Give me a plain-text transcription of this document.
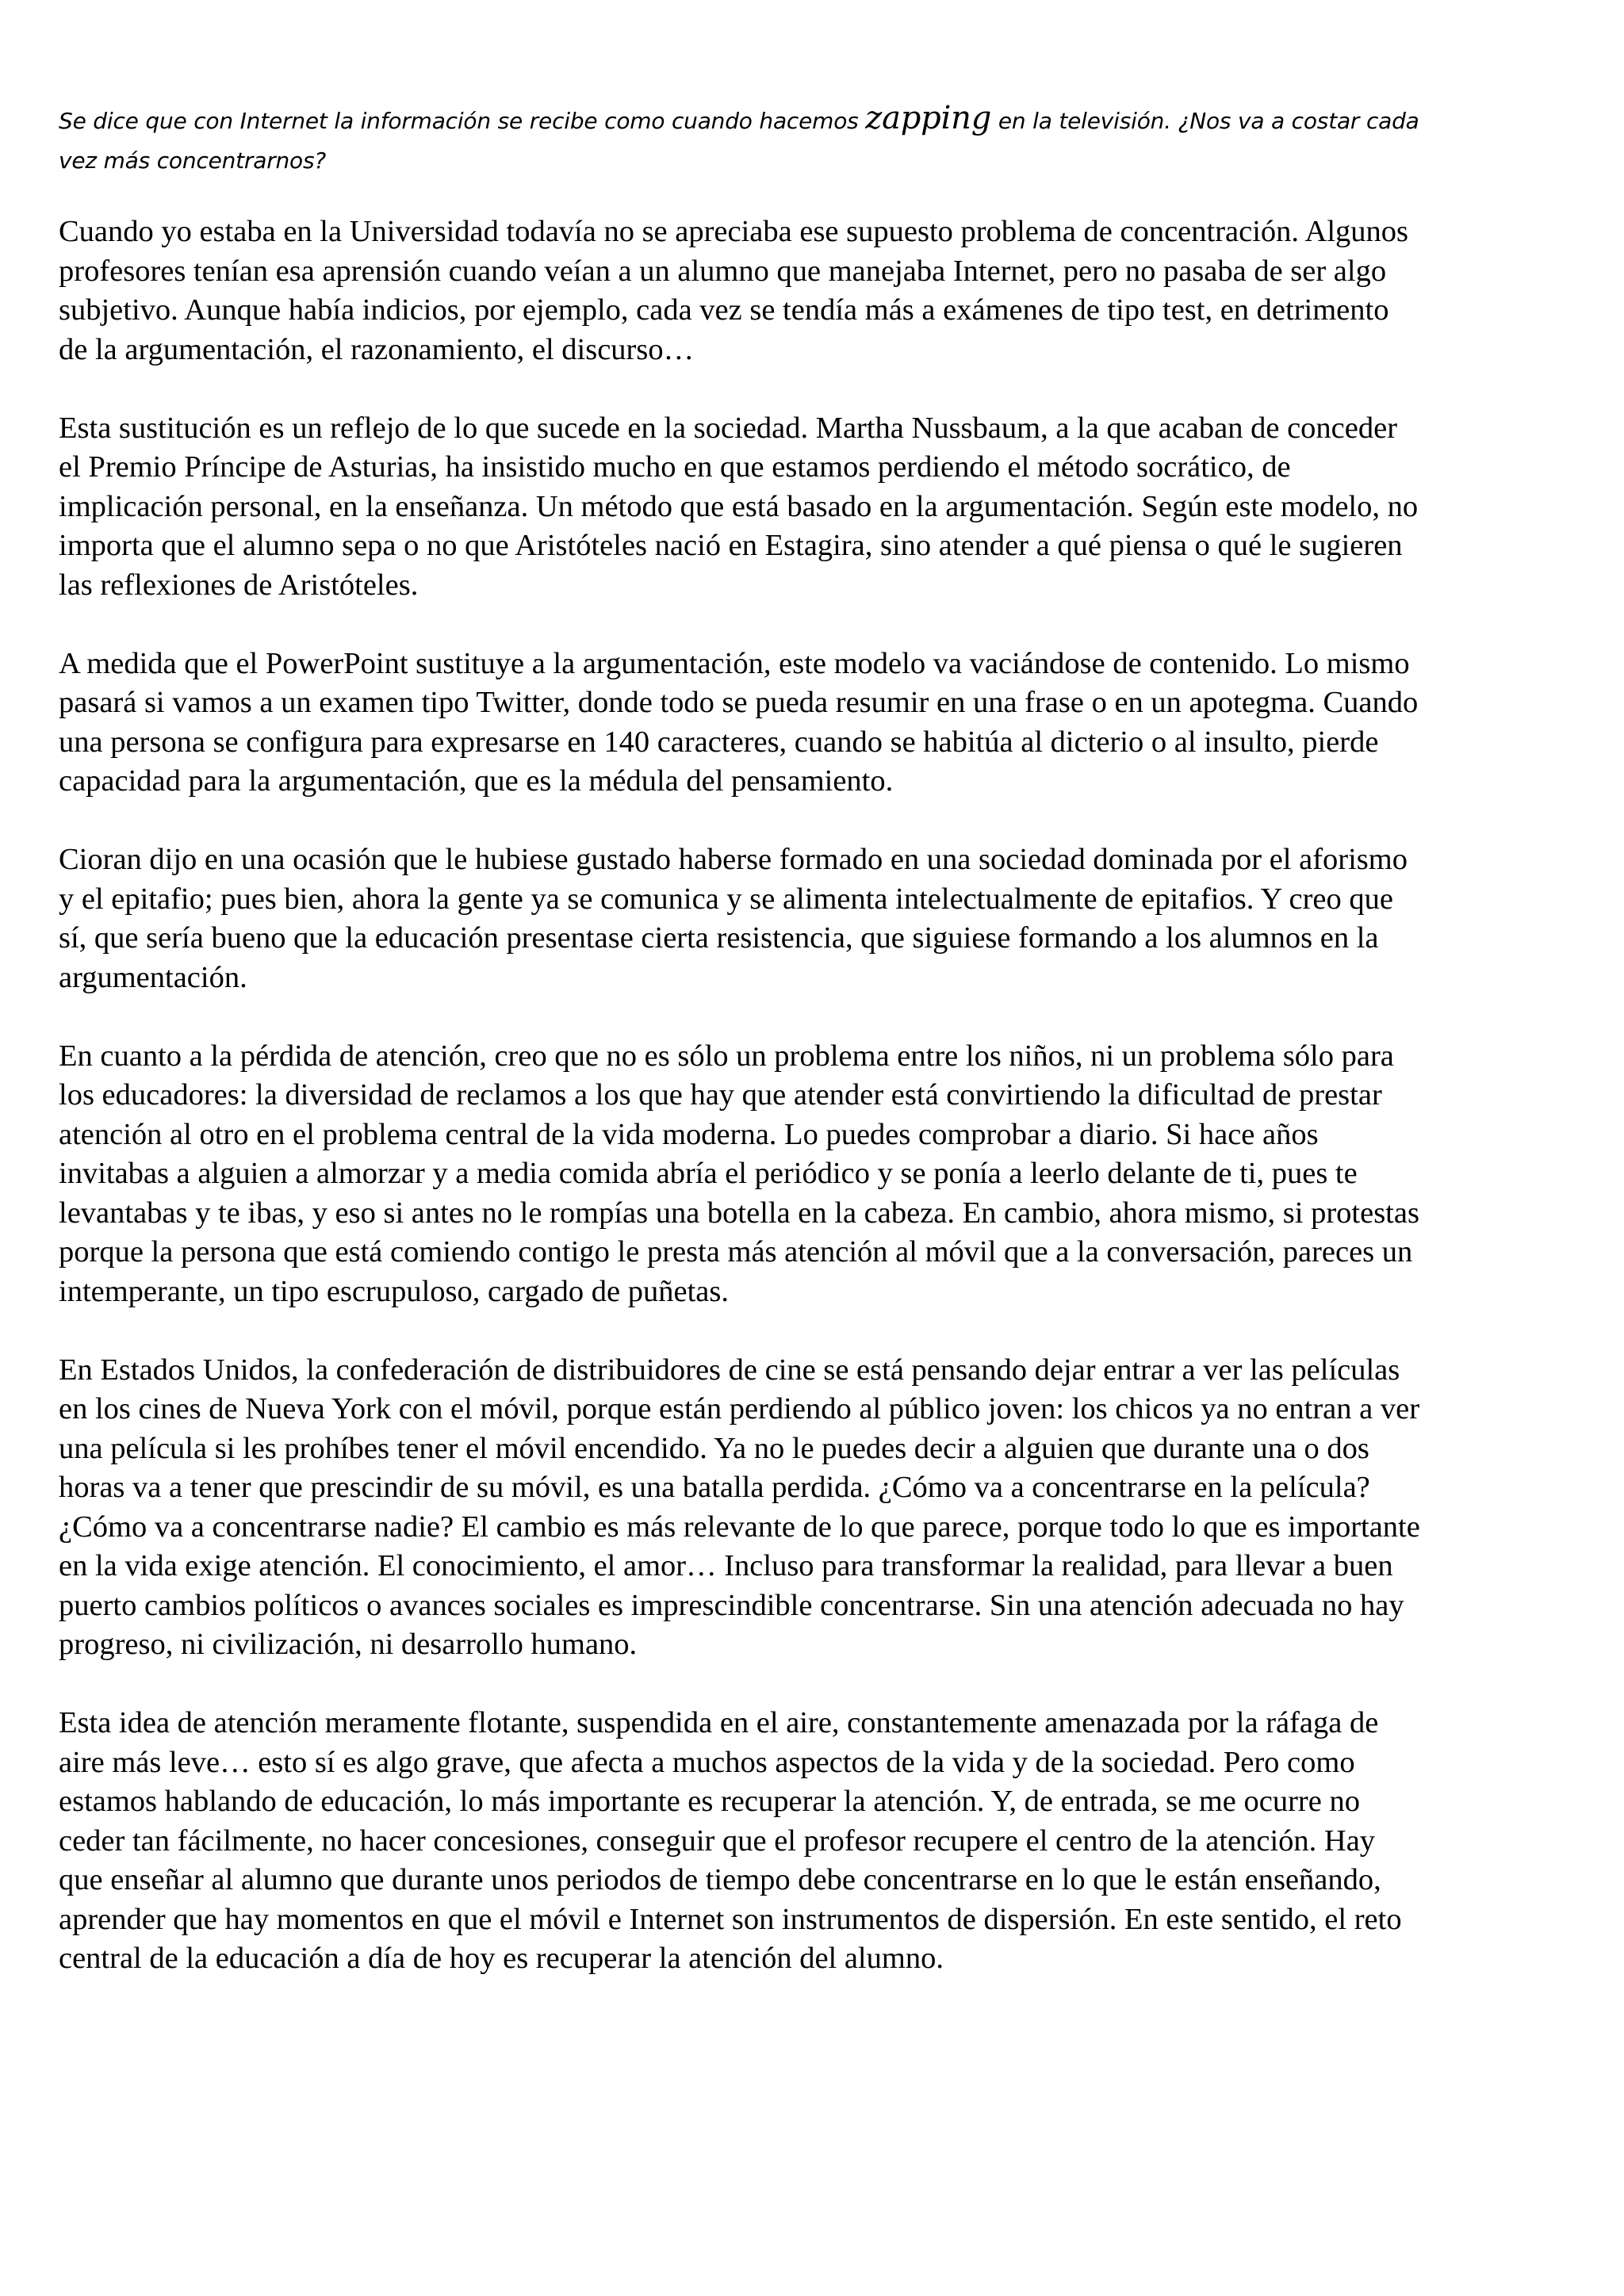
Se dice que con Internet la información se recibe como cuando hacemos zapping en la televisión. ¿Nos va a costar cada vez más concentrarnos?

Cuando yo estaba en la Universidad todavía no se apreciaba ese supuesto problema de concentración. Algunos profesores tenían esa aprensión cuando veían a un alumno que manejaba Internet, pero no pasaba de ser algo subjetivo. Aunque había indicios, por ejemplo, cada vez se tendía más a exámenes de tipo test, en detrimento de la argumentación, el razonamiento, el discurso…

Esta sustitución es un reflejo de lo que sucede en la sociedad. Martha Nussbaum, a la que acaban de conceder el Premio Príncipe de Asturias, ha insistido mucho en que estamos perdiendo el método socrático, de implicación personal, en la enseñanza. Un método que está basado en la argumentación. Según este modelo, no importa que el alumno sepa o no que Aristóteles nació en Estagira, sino atender a qué piensa o qué le sugieren las reflexiones de Aristóteles.

A medida que el PowerPoint sustituye a la argumentación, este modelo va vaciándose de contenido. Lo mismo pasará si vamos a un examen tipo Twitter, donde todo se pueda resumir en una frase o en un apotegma. Cuando una persona se configura para expresarse en 140 caracteres, cuando se habitúa al dicterio o al insulto, pierde capacidad para la argumentación, que es la médula del pensamiento.

Cioran dijo en una ocasión que le hubiese gustado haberse formado en una sociedad dominada por el aforismo y el epitafio; pues bien, ahora la gente ya se comunica y se alimenta intelectualmente de epitafios. Y creo que sí, que sería bueno que la educación presentase cierta resistencia, que siguiese formando a los alumnos en la argumentación.

En cuanto a la pérdida de atención, creo que no es sólo un problema entre los niños, ni un problema sólo para los educadores: la diversidad de reclamos a los que hay que atender está convirtiendo la dificultad de prestar atención al otro en el problema central de la vida moderna. Lo puedes comprobar a diario. Si hace años invitabas a alguien a almorzar y a media comida abría el periódico y se ponía a leerlo delante de ti, pues te levantabas y te ibas, y eso si antes no le rompías una botella en la cabeza. En cambio, ahora mismo, si protestas porque la persona que está comiendo contigo le presta más atención al móvil que a la conversación, pareces un intemperante, un tipo escrupuloso, cargado de puñetas.

En Estados Unidos, la confederación de distribuidores de cine se está pensando dejar entrar a ver las películas en los cines de Nueva York con el móvil, porque están perdiendo al público joven: los chicos ya no entran a ver una película si les prohíbes tener el móvil encendido. Ya no le puedes decir a alguien que durante una o dos horas va a tener que prescindir de su móvil, es una batalla perdida. ¿Cómo va a concentrarse en la película? ¿Cómo va a concentrarse nadie? El cambio es más relevante de lo que parece, porque todo lo que es importante en la vida exige atención. El conocimiento, el amor… Incluso para transformar la realidad, para llevar a buen puerto cambios políticos o avances sociales es imprescindible concentrarse. Sin una atención adecuada no hay progreso, ni civilización, ni desarrollo humano.

Esta idea de atención meramente flotante, suspendida en el aire, constantemente amenazada por la ráfaga de aire más leve… esto sí es algo grave, que afecta a muchos aspectos de la vida y de la sociedad. Pero como estamos hablando de educación, lo más importante es recuperar la atención. Y, de entrada, se me ocurre no ceder tan fácilmente, no hacer concesiones, conseguir que el profesor recupere el centro de la atención. Hay que enseñar al alumno que durante unos periodos de tiempo debe concentrarse en lo que le están enseñando, aprender que hay momentos en que el móvil e Internet son instrumentos de dispersión. En este sentido, el reto central de la educación a día de hoy es recuperar la atención del alumno.
